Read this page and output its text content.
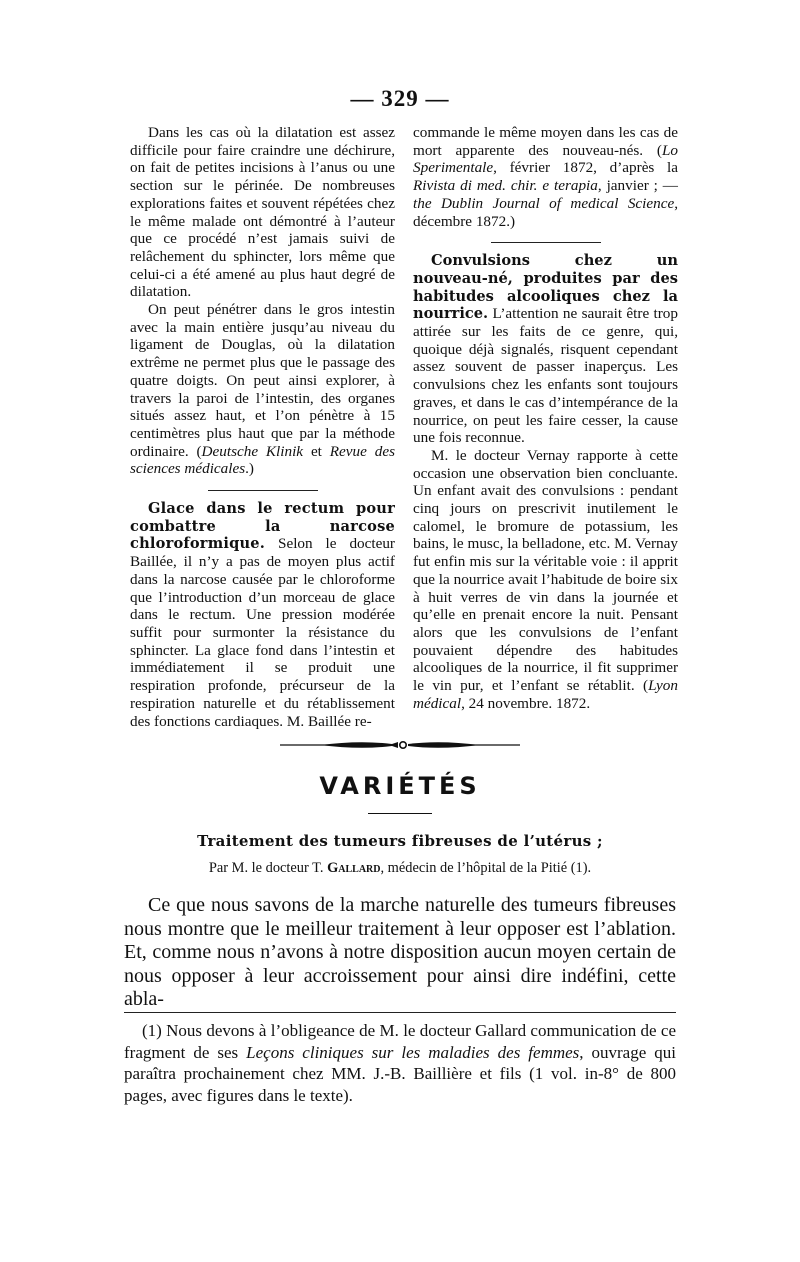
— 329 —

Dans les cas où la dilatation est assez difficile pour faire craindre une déchirure, on fait de petites incisions à l’anus ou une section sur le périnée. De nombreuses explorations faites et souvent répétées chez le même malade ont démontré à l’auteur que ce procédé n’est jamais suivi de relâchement du sphincter, lors même que celui-ci a été amené au plus haut degré de dilatation.

On peut pénétrer dans le gros intestin avec la main entière jusqu’au niveau du ligament de Douglas, où la dilatation extrême ne permet plus que le passage des quatre doigts. On peut ainsi explorer, à travers la paroi de l’intestin, des organes situés assez haut, et l’on pénètre à 15 centimètres plus haut que par la méthode ordinaire. (Deutsche Klinik et Revue des sciences médicales.)

Glace dans le rectum pour combattre la narcose chloroformique. Selon le docteur Baillée, il n’y a pas de moyen plus actif dans la narcose causée par le chloroforme que l’introduction d’un morceau de glace dans le rectum. Une pression modérée suffit pour surmonter la résistance du sphincter. La glace fond dans l’intestin et immédiatement il se produit une respiration profonde, précurseur de la respiration naturelle et du rétablissement des fonctions cardiaques. M. Baillée re-

commande le même moyen dans les cas de mort apparente des nouveau-nés. (Lo Sperimentale, février 1872, d’après la Rivista di med. chir. e terapia, janvier ; — the Dublin Journal of medical Science, décembre 1872.)

Convulsions chez un nouveau-né, produites par des habitudes alcooliques chez la nourrice. L’attention ne saurait être trop attirée sur les faits de ce genre, qui, quoique déjà signalés, risquent cependant assez souvent de passer inaperçus. Les convulsions chez les enfants sont toujours graves, et dans le cas d’intempérance de la nourrice, on peut les faire cesser, la cause une fois reconnue.

M. le docteur Vernay rapporte à cette occasion une observation bien concluante. Un enfant avait des convulsions : pendant cinq jours on prescrivit inutilement le calomel, le bromure de potassium, les bains, le musc, la belladone, etc. M. Vernay fut enfin mis sur la véritable voie : il apprit que la nourrice avait l’habitude de boire six à huit verres de vin dans la journée et qu’elle en prenait encore la nuit. Pensant alors que les convulsions de l’enfant pouvaient dépendre des habitudes alcooliques de la nourrice, il fit supprimer le vin pur, et l’enfant se rétablit. (Lyon médical, 24 novembre. 1872.

VARIÉTÉS
Traitement des tumeurs fibreuses de l’utérus ;
Par M. le docteur T. Gallard, médecin de l’hôpital de la Pitié (1).

Ce que nous savons de la marche naturelle des tumeurs fibreuses nous montre que le meilleur traitement à leur opposer est l’ablation. Et, comme nous n’avons à notre disposition aucun moyen certain de nous opposer à leur accroissement pour ainsi dire indéfini, cette abla-

(1) Nous devons à l’obligeance de M. le docteur Gallard communication de ce fragment de ses Leçons cliniques sur les maladies des femmes, ouvrage qui paraîtra prochainement chez MM. J.-B. Baillière et fils (1 vol. in-8° de 800 pages, avec figures dans le texte).
